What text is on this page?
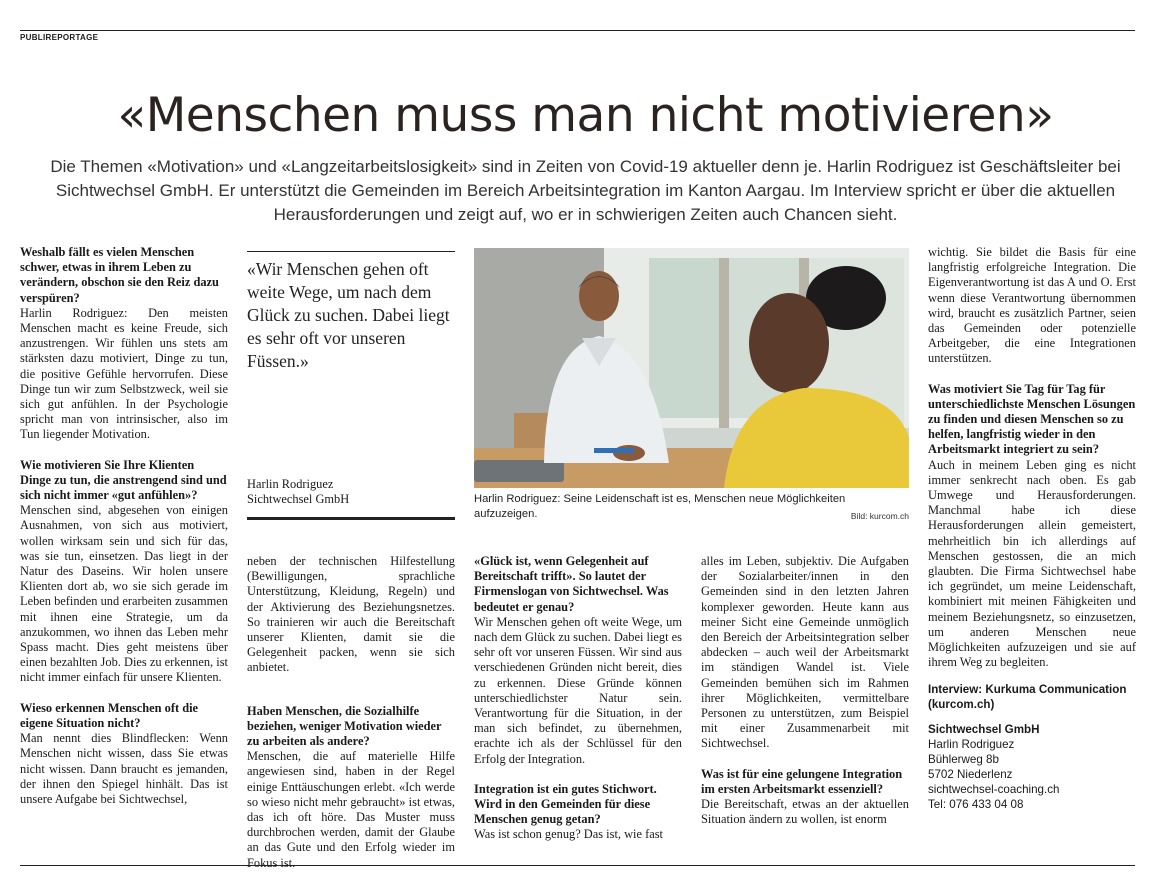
PUBLIREPORTAGE
«Menschen muss man nicht motivieren»

Die Themen «Motivation» und «Langzeitarbeitslosigkeit» sind in Zeiten von Covid-19 aktueller denn je. Harlin Rodriguez ist Geschäftsleiter bei Sichtwechsel GmbH. Er unterstützt die Gemeinden im Bereich Arbeitsintegration im Kanton Aargau. Im Interview spricht er über die aktuellen Herausforderungen und zeigt auf, wo er in schwierigen Zeiten auch Chancen sieht.

Weshalb fällt es vielen Menschen schwer, etwas in ihrem Leben zu verändern, obschon sie den Reiz dazu verspüren?

Harlin Rodriguez: Den meisten Menschen macht es keine Freude, sich anzustrengen. Wir fühlen uns stets am stärksten dazu motiviert, Dinge zu tun, die positive Gefühle hervorrufen. Diese Dinge tun wir zum Selbstzweck, weil sie sich gut anfühlen. In der Psychologie spricht man von intrinsischer, also im Tun liegender Motivation.

Wie motivieren Sie Ihre Klienten Dinge zu tun, die anstrengend sind und sich nicht immer «gut anfühlen»?

Menschen sind, abgesehen von einigen Ausnahmen, von sich aus motiviert, wollen wirksam sein und sich für das, was sie tun, einsetzen. Das liegt in der Natur des Daseins. Wir holen unsere Klienten dort ab, wo sie sich gerade im Leben befinden und erarbeiten zusammen mit ihnen eine Strategie, um da anzukommen, wo ihnen das Leben mehr Spass macht. Dies geht meistens über einen bezahlten Job. Dies zu erkennen, ist nicht immer einfach für unsere Klienten.

Wieso erkennen Menschen oft die eigene Situation nicht?

Man nennt dies Blindflecken: Wenn Menschen nicht wissen, dass Sie etwas nicht wissen. Dann braucht es jemanden, der ihnen den Spiegel hinhält. Das ist unsere Aufgabe bei Sichtwechsel,

«Wir Menschen gehen oft weite Wege, um nach dem Glück zu suchen. Dabei liegt es sehr oft vor unseren Füssen.»
Harlin Rodriguez
Sichtwechsel GmbH	Harlin Rodriguez: Seine Leidenschaft ist es, Menschen neue Möglichkeiten aufzuzeigen.	Bild: kurcom.ch

neben der technischen Hilfestellung (Bewilligungen, sprachliche Unterstützung, Kleidung, Regeln) und der Aktivierung des Beziehungsnetzes. So trainieren wir auch die Bereitschaft unserer Klienten, damit sie die Gelegenheit packen, wenn sie sich anbietet.

Haben Menschen, die Sozialhilfe beziehen, weniger Motivation wieder zu arbeiten als andere?

Menschen, die auf materielle Hilfe angewiesen sind, haben in der Regel einige Enttäuschungen erlebt. «Ich werde so wieso nicht mehr gebraucht» ist etwas, das ich oft höre. Das Muster muss durchbrochen werden, damit der Glaube an das Gute und den Erfolg wieder im Fokus ist.

«Glück ist, wenn Gelegenheit auf Bereitschaft trifft». So lautet der Firmenslogan von Sichtwechsel. Was bedeutet er genau?

Wir Menschen gehen oft weite Wege, um nach dem Glück zu suchen. Dabei liegt es sehr oft vor unseren Füssen. Wir sind aus verschiedenen Gründen nicht bereit, dies zu erkennen. Diese Gründe können unterschiedlichster Natur sein. Verantwortung für die Situation, in der man sich befindet, zu übernehmen, erachte ich als der Schlüssel für den Erfolg der Integration.

Integration ist ein gutes Stichwort. Wird in den Gemeinden für diese Menschen genug getan?

Was ist schon genug? Das ist, wie fast

alles im Leben, subjektiv. Die Aufgaben der Sozialarbeiter/innen in den Gemeinden sind in den letzten Jahren komplexer geworden. Heute kann aus meiner Sicht eine Gemeinde unmöglich den Bereich der Arbeitsintegration selber abdecken – auch weil der Arbeitsmarkt im ständigen Wandel ist. Viele Gemeinden bemühen sich im Rahmen ihrer Möglichkeiten, vermittelbare Personen zu unterstützen, zum Beispiel mit einer Zusammenarbeit mit Sichtwechsel.

Was ist für eine gelungene Integration im ersten Arbeitsmarkt essenziell?

Die Bereitschaft, etwas an der aktuellen Situation ändern zu wollen, ist enorm

wichtig. Sie bildet die Basis für eine langfristig erfolgreiche Integration. Die Eigenverantwortung ist das A und O. Erst wenn diese Verantwortung übernommen wird, braucht es zusätzlich Partner, seien das Gemeinden oder potenzielle Arbeitgeber, die eine Integrationen unterstützen.

Was motiviert Sie Tag für Tag für unterschiedlichste Menschen Lösungen zu finden und diesen Menschen so zu helfen, langfristig wieder in den Arbeitsmarkt integriert zu sein?

Auch in meinem Leben ging es nicht immer senkrecht nach oben. Es gab Umwege und Herausforderungen. Manchmal habe ich diese Herausforderungen allein gemeistert, mehrheitlich bin ich allerdings auf Menschen gestossen, die an mich glaubten. Die Firma Sichtwechsel habe ich gegründet, um meine Leidenschaft, kombiniert mit meinen Fähigkeiten und meinem Beziehungsnetz, so einzusetzen, um anderen Menschen neue Möglichkeiten aufzuzeigen und sie auf ihrem Weg zu begleiten.

Interview: Kurkuma Communication (kurcom.ch)

Sichtwechsel GmbH
Harlin Rodriguez
Bühlerweg 8b
5702 Niederlenz
sichtwechsel-coaching.ch
Tel: 076 433 04 08
